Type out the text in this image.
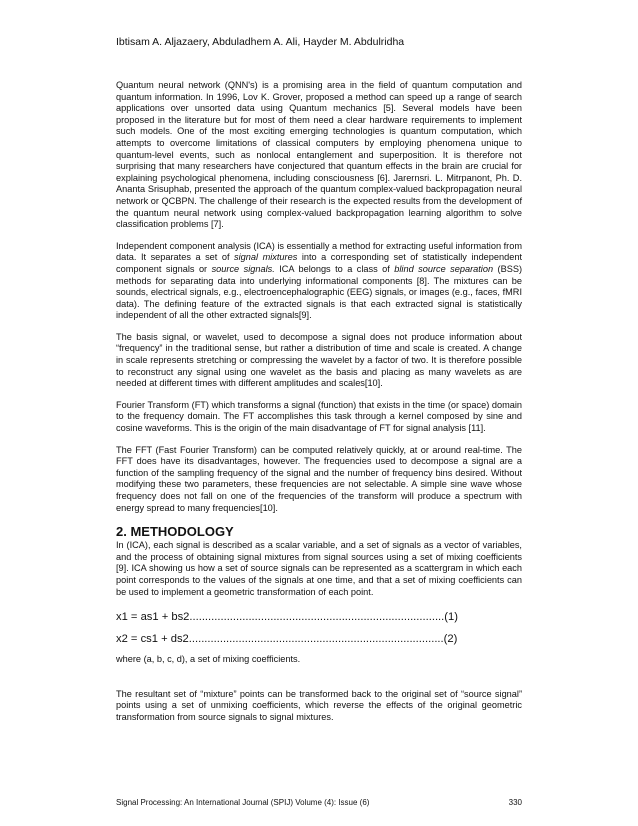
Ibtisam A. Aljazaery, Abduladhem A. Ali, Hayder M. Abdulridha

Quantum neural network (QNN's) is a promising area in the field of quantum computation and quantum information. In 1996, Lov K. Grover, proposed a method can speed up a range of search applications over unsorted data using Quantum mechanics [5]. Several models have been proposed in the literature but for most of them need a clear hardware requirements to implement such models. One of the most exciting emerging technologies is quantum computation, which attempts to overcome limitations of classical computers by employing phenomena unique to quantum-level events, such as nonlocal entanglement and superposition. It is therefore not surprising that many researchers have conjectured that quantum effects in the brain are crucial for explaining psychological phenomena, including consciousness [6]. Jarernsri. L. Mitrpanont, Ph. D. Ananta Srisuphab, presented the approach of the quantum complex-valued backpropagation neural network or QCBPN. The challenge of their research is the expected results from the development of the quantum neural network using complex-valued backpropagation learning algorithm to solve classification problems [7].

Independent component analysis (ICA) is essentially a method for extracting useful information from data. It separates a set of signal mixtures into a corresponding set of statistically independent component signals or source signals. ICA belongs to a class of blind source separation (BSS) methods for separating data into underlying informational components [8]. The mixtures can be sounds, electrical signals, e.g., electroencephalographic (EEG) signals, or images (e.g., faces, fMRI data). The defining feature of the extracted signals is that each extracted signal is statistically independent of all the other extracted signals[9].

The basis signal, or wavelet, used to decompose a signal does not produce information about “frequency” in the traditional sense, but rather a distribution of time and scale is created. A change in scale represents stretching or compressing the wavelet by a factor of two. It is therefore possible to reconstruct any signal using one wavelet as the basis and placing as many wavelets as are needed at different times with different amplitudes and scales[10].

Fourier Transform (FT) which transforms a signal (function) that exists in the time (or space) domain to the frequency domain. The FT accomplishes this task through a kernel composed by sine and cosine waveforms. This is the origin of the main disadvantage of FT for signal analysis [11].

The FFT (Fast Fourier Transform) can be computed relatively quickly, at or around real-time. The FFT does have its disadvantages, however. The frequencies used to decompose a signal are a function of the sampling frequency of the signal and the number of frequency bins desired. Without modifying these two parameters, these frequencies are not selectable. A simple sine wave whose frequency does not fall on one of the frequencies of the transform will produce a spectrum with energy spread to many frequencies[10].

2. METHODOLOGY

In (ICA), each signal is described as a scalar variable, and a set of signals as a vector of variables, and the process of obtaining signal mixtures from signal sources using a set of mixing coefficients [9]. ICA showing us how a set of source signals can be represented as a scattergram in which each point corresponds to the values of the signals at one time, and that a set of mixing coefficients can be used to implement a geometric transformation of each point.

x1 = as1 + bs2..................................................................................(1)
x2 = cs1 + ds2..................................................................................(2)
where (a, b, c, d), a set of mixing coefficients.

The resultant set of “mixture” points can be transformed back to the original set of “source signal” points using a set of unmixing coefficients, which reverse the effects of the original geometric transformation from source signals to signal mixtures.

Signal Processing: An International Journal (SPIJ) Volume (4): Issue (6)	330
